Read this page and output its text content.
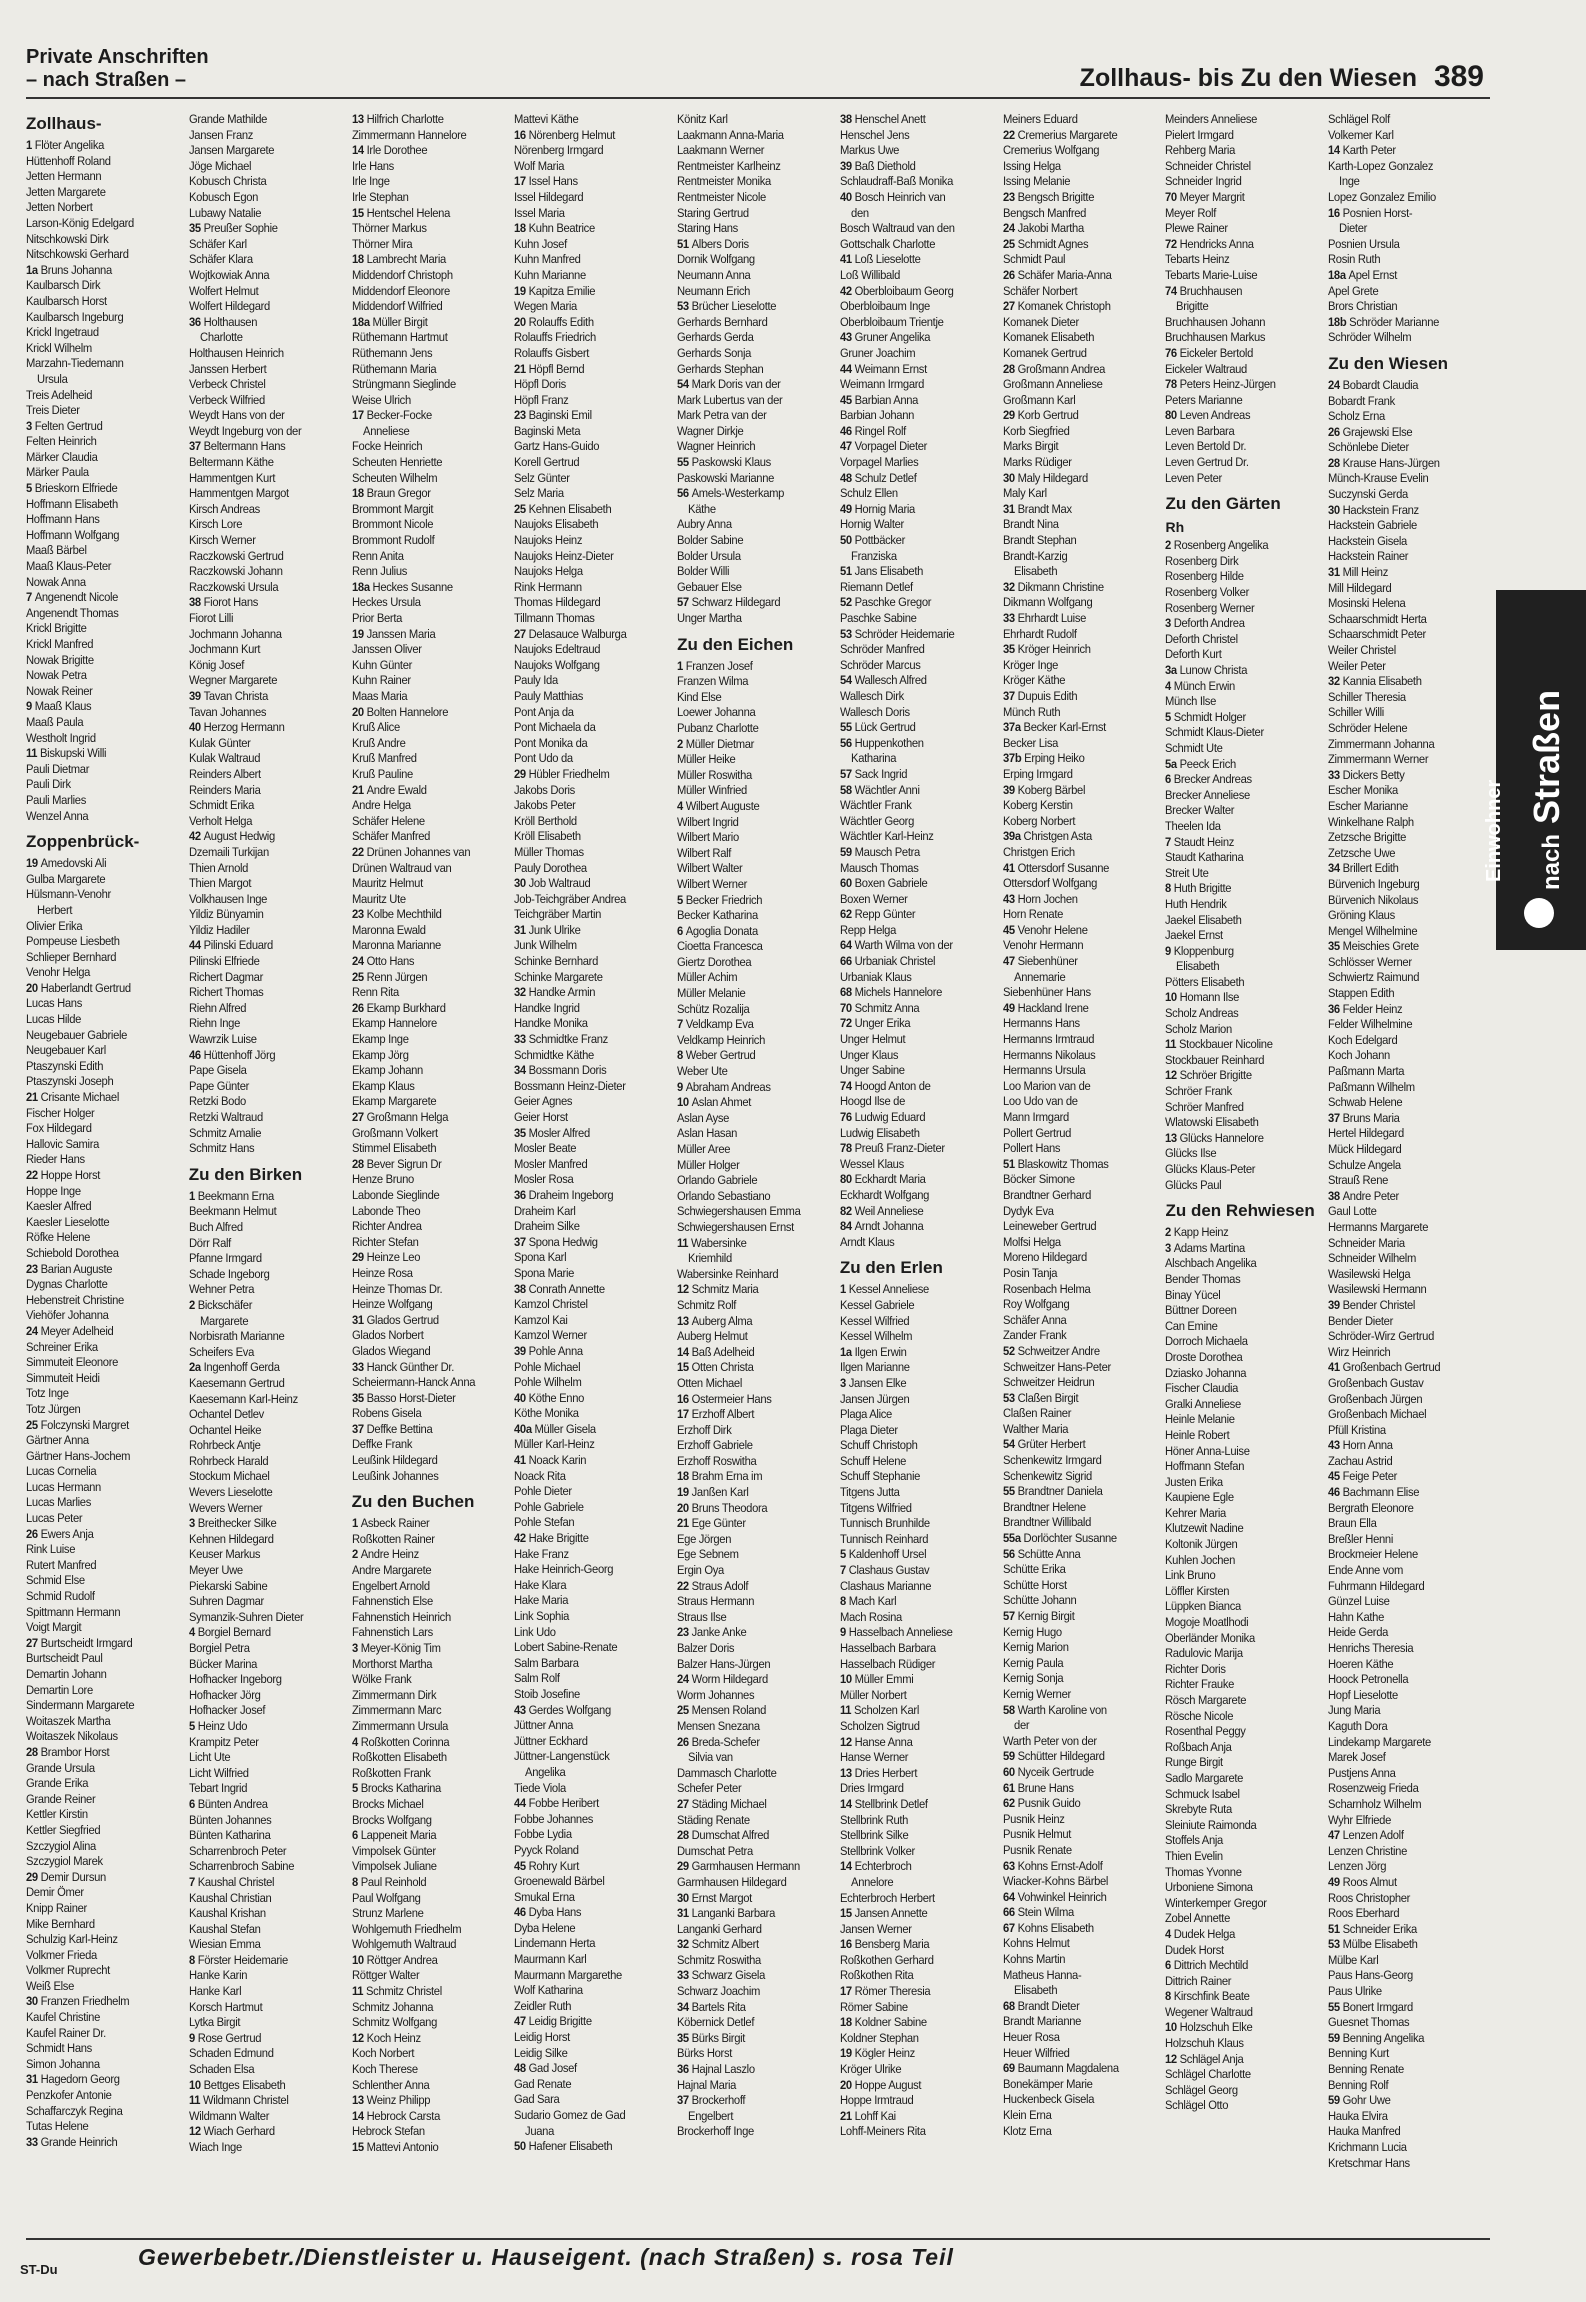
Private Anschriften
– nach Straßen –	Zollhaus- bis Zu den Wiesen 389
Zollhaus-
1 Flöter Angelika
Hüttenhoff Roland
Jetten Hermann
Jetten Margarete
Jetten Norbert
Larson-König Edelgard
Nitschkowski Dirk
Nitschkowski Gerhard
1a Bruns Johanna
Kaulbarsch Dirk
Kaulbarsch Horst
Kaulbarsch Ingeburg
Krickl Ingetraud
Krickl Wilhelm
Marzahn-Tiedemann
Ursula
Treis Adelheid
Treis Dieter
3 Felten Gertrud
Felten Heinrich
Märker Claudia
Märker Paula
5 Brieskorn Elfriede
Hoffmann Elisabeth
Hoffmann Hans
Hoffmann Wolfgang
Maaß Bärbel
Maaß Klaus-Peter
Nowak Anna
7 Angenendt Nicole
Angenendt Thomas
Krickl Brigitte
Krickl Manfred
Nowak Brigitte
Nowak Petra
Nowak Reiner
9 Maaß Klaus
Maaß Paula
Westholt Ingrid
11 Biskupski Willi
Pauli Dietmar
Pauli Dirk
Pauli Marlies
Wenzel Anna
Zoppenbrück-
19 Amedovski Ali
Gulba Margarete
Hülsmann-Venohr
Herbert
Olivier Erika
Pompeuse Liesbeth
Schlieper Bernhard
Venohr Helga
20 Haberlandt Gertrud
Lucas Hans
Lucas Hilde
Neugebauer Gabriele
Neugebauer Karl
Ptaszynski Edith
Ptaszynski Joseph
21 Crisante Michael
Fischer Holger
Fox Hildegard
Hallovic Samira
Rieder Hans
22 Hoppe Horst
Hoppe Inge
Kaesler Alfred
Kaesler Lieselotte
Röfke Helene
Schiebold Dorothea
23 Barian Auguste
Dygnas Charlotte
Hebenstreit Christine
Viehöfer Johanna
24 Meyer Adelheid
Schreiner Erika
Simmuteit Eleonore
Simmuteit Heidi
Totz Inge
Totz Jürgen
25 Folczynski Margret
Gärtner Anna
Gärtner Hans-Jochem
Lucas Cornelia
Lucas Hermann
Lucas Marlies
Lucas Peter
26 Ewers Anja
Rink Luise
Rutert Manfred
Schmid Else
Schmid Rudolf
Spittmann Hermann
Voigt Margit
27 Burtscheidt Irmgard
Burtscheidt Paul
Demartin Johann
Demartin Lore
Sindermann Margarete
Woitaszek Martha
Woitaszek Nikolaus
28 Brambor Horst
Grande Ursula
Grande Erika
Grande Reiner
Kettler Kirstin
Kettler Siegfried
Szczygiol Alina
Szczygiol Marek
29 Demir Dursun
Demir Ömer
Knipp Rainer
Mike Bernhard
Schulzig Karl-Heinz
Volkmer Frieda
Volkmer Ruprecht
Weiß Else
30 Franzen Friedhelm
Kaufel Christine
Kaufel Rainer Dr.
Schmidt Hans
Simon Johanna
31 Hagedorn Georg
Penzkofer Antonie
Schaffarczyk Regina
Tutas Helene
33 Grande Heinrich
Grande Mathilde
Jansen Franz
Jansen Margarete
Jöge Michael
Kobusch Christa
Kobusch Egon
Lubawy Natalie
35 Preußer Sophie
Schäfer Karl
Schäfer Klara
Wojtkowiak Anna
Wolfert Helmut
Wolfert Hildegard
36 Holthausen
Charlotte
Holthausen Heinrich
Janssen Herbert
Verbeck Christel
Verbeck Wilfried
Weydt Hans von der
Weydt Ingeburg von der
37 Beltermann Hans
Beltermann Käthe
Hammentgen Kurt
Hammentgen Margot
Kirsch Andreas
Kirsch Lore
Kirsch Werner
Raczkowski Gertrud
Raczkowski Johann
Raczkowski Ursula
38 Fiorot Hans
Fiorot Lilli
Jochmann Johanna
Jochmann Kurt
König Josef
Wegner Margarete
39 Tavan Christa
Tavan Johannes
40 Herzog Hermann
Kulak Günter
Kulak Waltraud
Reinders Albert
Reinders Maria
Schmidt Erika
Verholt Helga
42 August Hedwig
Dzemaili Turkijan
Thien Arnold
Thien Margot
Volkhausen Inge
Yildiz Bünyamin
Yildiz Hadiler
44 Pilinski Eduard
Pilinski Elfriede
Richert Dagmar
Richert Thomas
Riehn Alfred
Riehn Inge
Wawrzik Luise
46 Hüttenhoff Jörg
Pape Gisela
Pape Günter
Retzki Bodo
Retzki Waltraud
Schmitz Amalie
Schmitz Hans
Zu den Birken
1 Beekmann Erna
Beekmann Helmut
Buch Alfred
Dörr Ralf
Pfanne Irmgard
Schade Ingeborg
Wehner Petra
2 Bickschäfer
Margarete
Norbisrath Marianne
Scheifers Eva
2a Ingenhoff Gerda
Kaesemann Gertrud
Kaesemann Karl-Heinz
Ochantel Detlev
Ochantel Heike
Rohrbeck Antje
Rohrbeck Harald
Stockum Michael
Wevers Lieselotte
Wevers Werner
3 Breithecker Silke
Kehnen Hildegard
Keuser Markus
Meyer Uwe
Piekarski Sabine
Suhren Dagmar
Symanzik-Suhren Dieter
4 Borgiel Bernard
Borgiel Petra
Bücker Marina
Hofhacker Ingeborg
Hofhacker Jörg
Hofhacker Josef
5 Heinz Udo
Krampitz Peter
Licht Ute
Licht Wilfried
Tebart Ingrid
6 Bünten Andrea
Bünten Johannes
Bünten Katharina
Scharrenbroch Peter
Scharrenbroch Sabine
7 Kaushal Christel
Kaushal Christian
Kaushal Krishan
Kaushal Stefan
Wiesian Emma
8 Förster Heidemarie
Hanke Karin
Hanke Karl
Korsch Hartmut
Lytka Birgit
9 Rose Gertrud
Schaden Edmund
Schaden Elsa
10 Bettges Elisabeth
11 Wildmann Christel
Wildmann Walter
12 Wiach Gerhard
Wiach Inge
13 Hilfrich Charlotte
Zimmermann Hannelore
14 Irle Dorothee
Irle Hans
Irle Inge
Irle Stephan
15 Hentschel Helena
Thörner Markus
Thörner Mira
18 Lambrecht Maria
Middendorf Christoph
Middendorf Eleonore
Middendorf Wilfried
18a Müller Birgit
Rüthemann Hartmut
Rüthemann Jens
Rüthemann Maria
Strüngmann Sieglinde
Weise Ulrich
17 Becker-Focke
Anneliese
Focke Heinrich
Scheuten Henriette
Scheuten Wilhelm
18 Braun Gregor
Brommont Margit
Brommont Nicole
Brommont Rudolf
Renn Anita
Renn Julius
18a Heckes Susanne
Heckes Ursula
Prior Berta
19 Janssen Maria
Janssen Oliver
Kuhn Günter
Kuhn Rainer
Maas Maria
20 Bolten Hannelore
Kruß Alice
Kruß Andre
Kruß Manfred
Kruß Pauline
21 Andre Ewald
Andre Helga
Schäfer Helene
Schäfer Manfred
22 Drünen Johannes van
Drünen Waltraud van
Mauritz Helmut
Mauritz Ute
23 Kolbe Mechthild
Maronna Ewald
Maronna Marianne
24 Otto Hans
25 Renn Jürgen
Renn Rita
26 Ekamp Burkhard
Ekamp Hannelore
Ekamp Inge
Ekamp Jörg
Ekamp Johann
Ekamp Klaus
Ekamp Margarete
27 Großmann Helga
Großmann Volkert
Stimmel Elisabeth
28 Bever Sigrun Dr
Henze Bruno
Labonde Sieglinde
Labonde Theo
Richter Andrea
Richter Stefan
29 Heinze Leo
Heinze Rosa
Heinze Thomas Dr.
Heinze Wolfgang
31 Glados Gertrud
Glados Norbert
Glados Wiegand
33 Hanck Günther Dr.
Scheiermann-Hanck Anna
35 Basso Horst-Dieter
Robens Gisela
37 Deffke Bettina
Deffke Frank
Leußink Hildegard
Leußink Johannes
Zu den Buchen
1 Asbeck Rainer
Roßkotten Rainer
2 Andre Heinz
Andre Margarete
Engelbert Arnold
Fahnenstich Else
Fahnenstich Heinrich
Fahnenstich Lars
3 Meyer-König Tim
Morthorst Martha
Wölke Frank
Zimmermann Dirk
Zimmermann Marc
Zimmermann Ursula
4 Roßkotten Corinna
Roßkotten Elisabeth
Roßkotten Frank
5 Brocks Katharina
Brocks Michael
Brocks Wolfgang
6 Lappeneit Maria
Vimpolsek Günter
Vimpolsek Juliane
8 Paul Reinhold
Paul Wolfgang
Strunz Marlene
Wohlgemuth Friedhelm
Wohlgemuth Waltraud
10 Röttger Andrea
Röttger Walter
11 Schmitz Christel
Schmitz Johanna
Schmitz Wolfgang
12 Koch Heinz
Koch Norbert
Koch Therese
Schlenther Anna
13 Weinz Philipp
14 Hebrock Carsta
Hebrock Stefan
15 Mattevi Antonio
Mattevi Käthe
16 Nörenberg Helmut
Nörenberg Irmgard
Wolf Maria
17 Issel Hans
Issel Hildegard
Issel Maria
18 Kuhn Beatrice
Kuhn Josef
Kuhn Manfred
Kuhn Marianne
19 Kapitza Emilie
Wegen Maria
20 Rolauffs Edith
Rolauffs Friedrich
Rolauffs Gisbert
21 Höpfl Bernd
Höpfl Doris
Höpfl Franz
23 Baginski Emil
Baginski Meta
Gartz Hans-Guido
Korell Gertrud
Selz Günter
Selz Maria
25 Kehnen Elisabeth
Naujoks Elisabeth
Naujoks Heinz
Naujoks Heinz-Dieter
Naujoks Helga
Rink Hermann
Thomas Hildegard
Tillmann Thomas
27 Delasauce Walburga
Naujoks Edeltraud
Naujoks Wolfgang
Pauly Ida
Pauly Matthias
Pont Anja da
Pont Michaela da
Pont Monika da
Pont Udo da
29 Hübler Friedhelm
Jakobs Doris
Jakobs Peter
Kröll Berthold
Kröll Elisabeth
Müller Thomas
Pauly Dorothea
30 Job Waltraud
Job-Teichgräber Andrea
Teichgräber Martin
31 Junk Ulrike
Junk Wilhelm
Schinke Bernhard
Schinke Margarete
32 Handke Armin
Handke Ingrid
Handke Monika
33 Schmidtke Franz
Schmidtke Käthe
34 Bossmann Doris
Bossmann Heinz-Dieter
Geier Agnes
Geier Horst
35 Mosler Alfred
Mosler Beate
Mosler Manfred
Mosler Rosa
36 Draheim Ingeborg
Draheim Karl
Draheim Silke
37 Spona Hedwig
Spona Karl
Spona Marie
38 Conrath Annette
Kamzol Christel
Kamzol Kai
Kamzol Werner
39 Pohle Anna
Pohle Michael
Pohle Wilhelm
40 Köthe Enno
Köthe Monika
40a Müller Gisela
Müller Karl-Heinz
41 Noack Karin
Noack Rita
Pohle Dieter
Pohle Gabriele
Pohle Stefan
42 Hake Brigitte
Hake Franz
Hake Heinrich-Georg
Hake Klara
Hake Maria
Link Sophia
Link Udo
Lobert Sabine-Renate
Salm Barbara
Salm Rolf
Stoib Josefine
43 Gerdes Wolfgang
Jüttner Anna
Jüttner Eckhard
Jüttner-Langenstück
Angelika
Tiede Viola
44 Fobbe Heribert
Fobbe Johannes
Fobbe Lydia
Pyyck Roland
45 Rohry Kurt
Groenewald Bärbel
Smukal Erna
46 Dyba Hans
Dyba Helene
Lindemann Herta
Maurmann Karl
Maurmann Margarethe
Wolf Katharina
Zeidler Ruth
47 Leidig Brigitte
Leidig Horst
Leidig Silke
48 Gad Josef
Gad Renate
Gad Sara
Sudario Gomez de Gad
Juana
50 Hafener Elisabeth
Könitz Karl
Laakmann Anna-Maria
Laakmann Werner
Rentmeister Karlheinz
Rentmeister Monika
Rentmeister Nicole
Staring Gertrud
Staring Hans
51 Albers Doris
Dornik Wolfgang
Neumann Anna
Neumann Erich
53 Brücher Lieselotte
Gerhards Bernhard
Gerhards Gerda
Gerhards Sonja
Gerhards Stephan
54 Mark Doris van der
Mark Lubertus van der
Mark Petra van der
Wagner Dirkje
Wagner Heinrich
55 Paskowski Klaus
Paskowski Marianne
56 Amels-Westerkamp
Käthe
Aubry Anna
Bolder Sabine
Bolder Ursula
Bolder Willi
Gebauer Else
57 Schwarz Hildegard
Unger Martha
Zu den Eichen
1 Franzen Josef
Franzen Wilma
Kind Else
Loewer Johanna
Pubanz Charlotte
2 Müller Dietmar
Müller Heike
Müller Roswitha
Müller Winfried
4 Wilbert Auguste
Wilbert Ingrid
Wilbert Mario
Wilbert Ralf
Wilbert Walter
Wilbert Werner
5 Becker Friedrich
Becker Katharina
6 Agoglia Donata
Cioetta Francesca
Giertz Dorothea
Müller Achim
Müller Melanie
Schütz Rozalija
7 Veldkamp Eva
Veldkamp Heinrich
8 Weber Gertrud
Weber Ute
9 Abraham Andreas
10 Aslan Ahmet
Aslan Ayse
Aslan Hasan
Müller Aree
Müller Holger
Orlando Gabriele
Orlando Sebastiano
Schwiegershausen Emma
Schwiegershausen Ernst
11 Wabersinke
Kriemhild
Wabersinke Reinhard
12 Schmitz Maria
Schmitz Rolf
13 Auberg Alma
Auberg Helmut
14 Baß Adelheid
15 Otten Christa
Otten Michael
16 Ostermeier Hans
17 Erzhoff Albert
Erzhoff Dirk
Erzhoff Gabriele
Erzhoff Roswitha
18 Brahm Erna im
19 Janßen Karl
20 Bruns Theodora
21 Ege Günter
Ege Jörgen
Ege Sebnem
Ergin Oya
22 Straus Adolf
Straus Hermann
Straus Ilse
23 Janke Anke
Balzer Doris
Balzer Hans-Jürgen
24 Worm Hildegard
Worm Johannes
25 Mensen Roland
Mensen Snezana
26 Breda-Schefer
Silvia van
Dammasch Charlotte
Schefer Peter
27 Städing Michael
Städing Renate
28 Dumschat Alfred
Dumschat Petra
29 Garmhausen Hermann
Garmhausen Hildegard
30 Ernst Margot
31 Langanki Barbara
Langanki Gerhard
32 Schmitz Albert
Schmitz Roswitha
33 Schwarz Gisela
Schwarz Joachim
34 Bartels Rita
Köbernick Detlef
35 Bürks Birgit
Bürks Horst
36 Hajnal Laszlo
Hajnal Maria
37 Brockerhoff
Engelbert
Brockerhoff Inge
38 Henschel Anett
Henschel Jens
Markus Uwe
39 Baß Diethold
Schlaudraff-Baß Monika
40 Bosch Heinrich van
den
Bosch Waltraud van den
Gottschalk Charlotte
41 Loß Lieselotte
Loß Willibald
42 Oberbloibaum Georg
Oberbloibaum Inge
Oberbloibaum Trientje
43 Gruner Angelika
Gruner Joachim
44 Weimann Ernst
Weimann Irmgard
45 Barbian Anna
Barbian Johann
46 Ringel Rolf
47 Vorpagel Dieter
Vorpagel Marlies
48 Schulz Detlef
Schulz Ellen
49 Hornig Maria
Hornig Walter
50 Pottbäcker
Franziska
51 Jans Elisabeth
Riemann Detlef
52 Paschke Gregor
Paschke Sabine
53 Schröder Heidemarie
Schröder Manfred
Schröder Marcus
54 Wallesch Alfred
Wallesch Dirk
Wallesch Doris
55 Lück Gertrud
56 Huppenkothen
Katharina
57 Sack Ingrid
58 Wächtler Anni
Wächtler Frank
Wächtler Georg
Wächtler Karl-Heinz
59 Mausch Petra
Mausch Thomas
60 Boxen Gabriele
Boxen Werner
62 Repp Günter
Repp Helga
64 Warth Wilma von der
66 Urbaniak Christel
Urbaniak Klaus
68 Michels Hannelore
70 Schmitz Anna
72 Unger Erika
Unger Helmut
Unger Klaus
Unger Sabine
74 Hoogd Anton de
Hoogd Ilse de
76 Ludwig Eduard
Ludwig Elisabeth
78 Preuß Franz-Dieter
Wessel Klaus
80 Eckhardt Maria
Eckhardt Wolfgang
82 Weil Anneliese
84 Arndt Johanna
Arndt Klaus
Zu den Erlen
1 Kessel Anneliese
Kessel Gabriele
Kessel Wilfried
Kessel Wilhelm
1a Ilgen Erwin
Ilgen Marianne
3 Jansen Elke
Jansen Jürgen
Plaga Alice
Plaga Dieter
Schuff Christoph
Schuff Helene
Schuff Stephanie
Titgens Jutta
Titgens Wilfried
Tunnisch Brunhilde
Tunnisch Reinhard
5 Kaldenhoff Ursel
7 Clashaus Gustav
Clashaus Marianne
8 Mach Karl
Mach Rosina
9 Hasselbach Anneliese
Hasselbach Barbara
Hasselbach Rüdiger
10 Müller Emmi
Müller Norbert
11 Scholzen Karl
Scholzen Sigtrud
12 Hanse Anna
Hanse Werner
13 Dries Herbert
Dries Irmgard
14 Stellbrink Detlef
Stellbrink Ruth
Stellbrink Silke
Stellbrink Volker
14 Echterbroch
Annelore
Echterbroch Herbert
15 Jansen Annette
Jansen Werner
16 Bensberg Maria
Roßkothen Gerhard
Roßkothen Rita
17 Römer Theresia
Römer Sabine
18 Koldner Sabine
Koldner Stephan
19 Kögler Heinz
Kröger Ulrike
20 Hoppe August
Hoppe Irmtraud
21 Lohff Kai
Lohff-Meiners Rita
Meiners Eduard
22 Cremerius Margarete
Cremerius Wolfgang
Issing Helga
Issing Melanie
23 Bengsch Brigitte
Bengsch Manfred
24 Jakobi Martha
25 Schmidt Agnes
Schmidt Paul
26 Schäfer Maria-Anna
Schäfer Norbert
27 Komanek Christoph
Komanek Dieter
Komanek Elisabeth
Komanek Gertrud
28 Großmann Andrea
Großmann Anneliese
Großmann Karl
29 Korb Gertrud
Korb Siegfried
Marks Birgit
Marks Rüdiger
30 Maly Hildegard
Maly Karl
31 Brandt Max
Brandt Nina
Brandt Stephan
Brandt-Karzig
Elisabeth
32 Dikmann Christine
Dikmann Wolfgang
33 Ehrhardt Luise
Ehrhardt Rudolf
35 Kröger Heinrich
Kröger Inge
Kröger Käthe
37 Dupuis Edith
Münch Ruth
37a Becker Karl-Ernst
Becker Lisa
37b Erping Heiko
Erping Irmgard
39 Koberg Bärbel
Koberg Kerstin
Koberg Norbert
39a Christgen Asta
Christgen Erich
41 Ottersdorf Susanne
Ottersdorf Wolfgang
43 Horn Jochen
Horn Renate
45 Venohr Helene
Venohr Hermann
47 Siebenhüner
Annemarie
Siebenhüner Hans
49 Hackland Irene
Hermanns Hans
Hermanns Irmtraud
Hermanns Nikolaus
Hermanns Ursula
Loo Marion van de
Loo Udo van de
Mann Irmgard
Pollert Gertrud
Pollert Hans
51 Blaskowitz Thomas
Böcker Simone
Brandtner Gerhard
Dydyk Eva
Leineweber Gertrud
Molfsi Helga
Moreno Hildegard
Posin Tanja
Rosenbach Helma
Roy Wolfgang
Schäfer Anna
Zander Frank
52 Schweitzer Andre
Schweitzer Hans-Peter
Schweitzer Heidrun
53 Claßen Birgit
Claßen Rainer
Walther Maria
54 Grüter Herbert
Schenkewitz Irmgard
Schenkewitz Sigrid
55 Brandtner Daniela
Brandtner Helene
Brandtner Willibald
55a Dorlöchter Susanne
56 Schütte Anna
Schütte Erika
Schütte Horst
Schütte Johann
57 Kernig Birgit
Kernig Hugo
Kernig Marion
Kernig Paula
Kernig Sonja
Kernig Werner
58 Warth Karoline von
der
Warth Peter von der
59 Schütter Hildegard
60 Nyceik Gertrude
61 Brune Hans
62 Pusnik Guido
Pusnik Heinz
Pusnik Helmut
Pusnik Renate
63 Kohns Ernst-Adolf
Wiacker-Kohns Bärbel
64 Vohwinkel Heinrich
66 Stein Wilma
67 Kohns Elisabeth
Kohns Helmut
Kohns Martin
Matheus Hanna-
Elisabeth
68 Brandt Dieter
Brandt Marianne
Heuer Rosa
Heuer Wilfried
69 Baumann Magdalena
Bonekämper Marie
Huckenbeck Gisela
Klein Erna
Klotz Erna
Meinders Anneliese
Pielert Irmgard
Rehberg Maria
Schneider Christel
Schneider Ingrid
70 Meyer Margrit
Meyer Rolf
Plewe Rainer
72 Hendricks Anna
Tebarts Heinz
Tebarts Marie-Luise
74 Bruchhausen
Brigitte
Bruchhausen Johann
Bruchhausen Markus
76 Eickeler Bertold
Eickeler Waltraud
78 Peters Heinz-Jürgen
Peters Marianne
80 Leven Andreas
Leven Barbara
Leven Bertold Dr.
Leven Gertrud Dr.
Leven Peter
Zu den Gärten
Rh
2 Rosenberg Angelika
Rosenberg Dirk
Rosenberg Hilde
Rosenberg Volker
Rosenberg Werner
3 Deforth Andrea
Deforth Christel
Deforth Kurt
3a Lunow Christa
4 Münch Erwin
Münch Ilse
5 Schmidt Holger
Schmidt Klaus-Dieter
Schmidt Ute
5a Peeck Erich
6 Brecker Andreas
Brecker Anneliese
Brecker Walter
Theelen Ida
7 Staudt Heinz
Staudt Katharina
Streit Ute
8 Huth Brigitte
Huth Hendrik
Jaekel Elisabeth
Jaekel Ernst
9 Kloppenburg
Elisabeth
Pötters Elisabeth
10 Homann Ilse
Scholz Andreas
Scholz Marion
11 Stockbauer Nicoline
Stockbauer Reinhard
12 Schröer Brigitte
Schröer Frank
Schröer Manfred
Wlatowski Elisabeth
13 Glücks Hannelore
Glücks Ilse
Glücks Klaus-Peter
Glücks Paul
Zu den Rehwiesen
2 Kapp Heinz
3 Adams Martina
Alschbach Angelika
Bender Thomas
Binay Yücel
Büttner Doreen
Can Emine
Dorroch Michaela
Droste Dorothea
Dziasko Johanna
Fischer Claudia
Gralki Anneliese
Heinle Melanie
Heinle Robert
Höner Anna-Luise
Hoffmann Stefan
Justen Erika
Kaupiene Egle
Kehrer Maria
Klutzewit Nadine
Koltonik Jürgen
Kuhlen Jochen
Link Bruno
Löffler Kirsten
Lüppken Bianca
Mogoje Moatlhodi
Oberländer Monika
Radulovic Marija
Richter Doris
Richter Frauke
Rösch Margarete
Rösche Nicole
Rosenthal Peggy
Roßbach Anja
Runge Birgit
Sadlo Margarete
Schmuck Isabel
Skrebyte Ruta
Sleiniute Raimonda
Stoffels Anja
Thien Evelin
Thomas Yvonne
Urboniene Simona
Winterkemper Gregor
Zobel Annette
4 Dudek Helga
Dudek Horst
6 Dittrich Mechtild
Dittrich Rainer
8 Kirschfink Beate
Wegener Waltraud
10 Holzschuh Elke
Holzschuh Klaus
12 Schlägel Anja
Schlägel Charlotte
Schlägel Georg
Schlägel Otto
Schlägel Rolf
Volkemer Karl
14 Karth Peter
Karth-Lopez Gonzalez
Inge
Lopez Gonzalez Emilio
16 Posnien Horst-
Dieter
Posnien Ursula
Rosin Ruth
18a Apel Ernst
Apel Grete
Brors Christian
18b Schröder Marianne
Schröder Wilhelm
Zu den Wiesen
24 Bobardt Claudia
Bobardt Frank
Scholz Erna
26 Grajewski Else
Schönlebe Dieter
28 Krause Hans-Jürgen
Münch-Krause Evelin
Suczynski Gerda
30 Hackstein Franz
Hackstein Gabriele
Hackstein Gisela
Hackstein Rainer
31 Mill Heinz
Mill Hildegard
Mosinski Helena
Schaarschmidt Herta
Schaarschmidt Peter
Weiler Christel
Weiler Peter
32 Kannia Elisabeth
Schiller Theresia
Schiller Willi
Schröder Helene
Zimmermann Johanna
Zimmermann Werner
33 Dickers Betty
Escher Monika
Escher Marianne
Winkelhane Ralph
Zetzsche Brigitte
Zetzsche Uwe
34 Brillert Edith
Bürvenich Ingeburg
Bürvenich Nikolaus
Gröning Klaus
Mengel Wilhelmine
35 Meischies Grete
Schlösser Werner
Schwiertz Raimund
Stappen Edith
36 Felder Heinz
Felder Wilhelmine
Koch Edelgard
Koch Johann
Paßmann Marta
Paßmann Wilhelm
Schwab Helene
37 Bruns Maria
Hertel Hildegard
Mück Hildegard
Schulze Angela
Strauß Rene
38 Andre Peter
Gaul Lotte
Hermanns Margarete
Schneider Maria
Schneider Wilhelm
Wasilewski Helga
Wasilewski Hermann
39 Bender Christel
Bender Dieter
Schröder-Wirz Gertrud
Wirz Heinrich
41 Großenbach Gertrud
Großenbach Gustav
Großenbach Jürgen
Großenbach Michael
Pfüll Kristina
43 Horn Anna
Zachau Astrid
45 Feige Peter
46 Bachmann Elise
Bergrath Eleonore
Braun Ella
Breßler Henni
Brockmeier Helene
Ende Anne vom
Fuhrmann Hildegard
Günzel Luise
Hahn Kathe
Heide Gerda
Henrichs Theresia
Hoeren Käthe
Hoock Petronella
Hopf Lieselotte
Jung Maria
Kaguth Dora
Lindekamp Margarete
Marek Josef
Pustjens Anna
Rosenzweig Frieda
Scharnholz Wilhelm
Wyhr Elfriede
47 Lenzen Adolf
Lenzen Christine
Lenzen Jörg
49 Roos Almut
Roos Christopher
Roos Eberhard
51 Schneider Erika
53 Mülbe Elisabeth
Mülbe Karl
Paus Hans-Georg
Paus Ulrike
55 Bonert Irmgard
Guesnet Thomas
59 Benning Angelika
Benning Kurt
Benning Renate
Benning Rolf
59 Gohr Uwe
Hauka Elvira
Hauka Manfred
Krichmann Lucia
Kretschmar Hans
Einwohner	nach Straßen
ST-Du	Gewerbebetr./Dienstleister u. Hauseigent. (nach Straßen) s. rosa Teil
